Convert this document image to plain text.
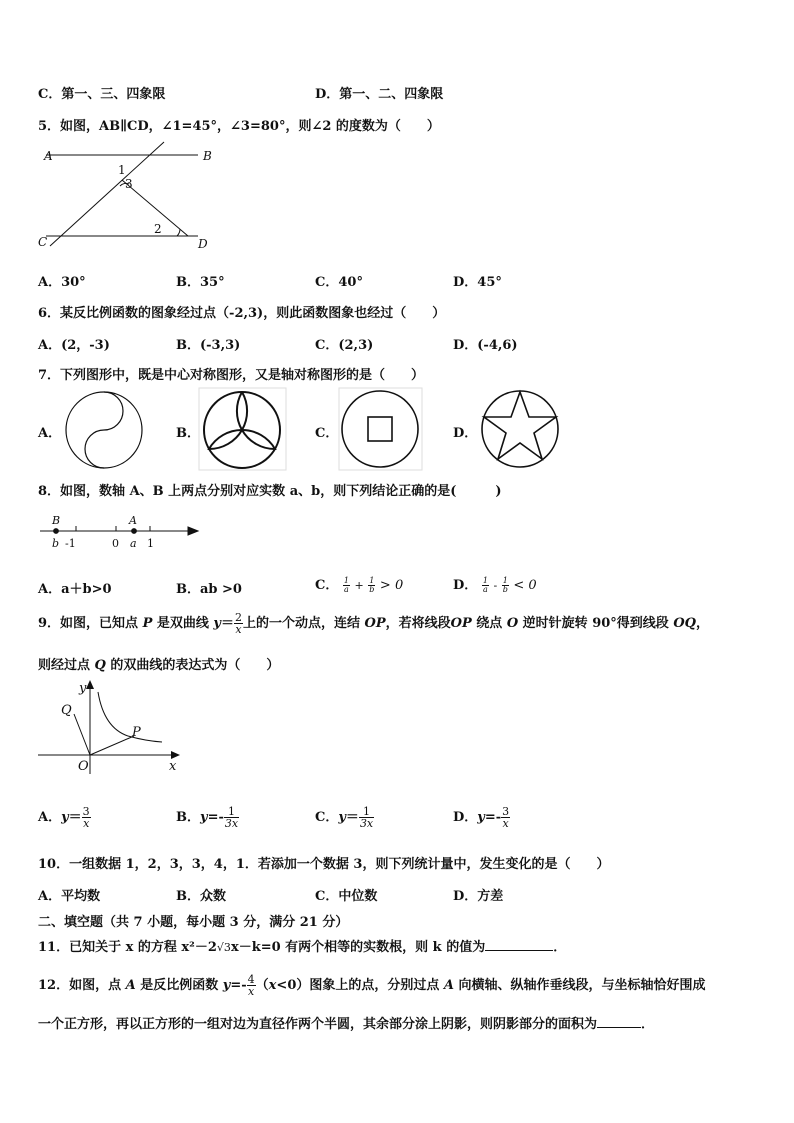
C．第一、三、四象限	D．第一、二、四象限
5．如图，AB∥CD，∠1=45°，∠3=80°，则∠2 的度数为（　　）
A	B
C	D
1
3
2
A．30°	B．35°	C．40°	D．45°
6．某反比例函数的图象经过点（-2,3)，则此函数图象也经过（　　）
A．(2，-3)	B．(-3,3)	C．(2,3)	D．(-4,6)
7．下列图形中，既是中心对称图形，又是轴对称图形的是（　　）
A．	B．	C．	D．
8．如图，数轴 A、B 上两点分别对应实数 a、b，则下列结论正确的是(　　　)
B	A
b -1	0 a 1
A．a＋b>0	B．ab >0	C． $\frac{1}{a} + \frac{1}{b} > 0$	D． $\frac{1}{a} - \frac{1}{b} < 0$
9．如图，已知点 P 是双曲线 $y= \frac{2}{x}$ 上的一个动点，连结 OP，若将线段OP 绕点 O 逆时针旋转 90°得到线段 OQ，
则经过点 Q 的双曲线的表达式为（　　）
y
x
O
P
Q
A．$y= \frac{3}{x}$	B．$y=- \frac{1}{3x}$	C．$y= \frac{1}{3x}$	D．$y=- \frac{3}{x}$
10．一组数据 1，2，3，3，4，1．若添加一个数据 3，则下列统计量中，发生变化的是（　　）
A．平均数	B．众数	C．中位数	D．方差
二、填空题（共 7 小题，每小题 3 分，满分 21 分）
11．已知关于 x 的方程 x²－2√3x－k=0 有两个相等的实数根，则 k 的值为	．
12．如图，点 A 是反比例函数 $y=- \frac{4}{x} (x<0)$图象上的点，分别过点 A 向横轴、纵轴作垂线段，与坐标轴恰好围成
一个正方形，再以正方形的一组对边为直径作两个半圆，其余部分涂上阴影，则阴影部分的面积为	．
